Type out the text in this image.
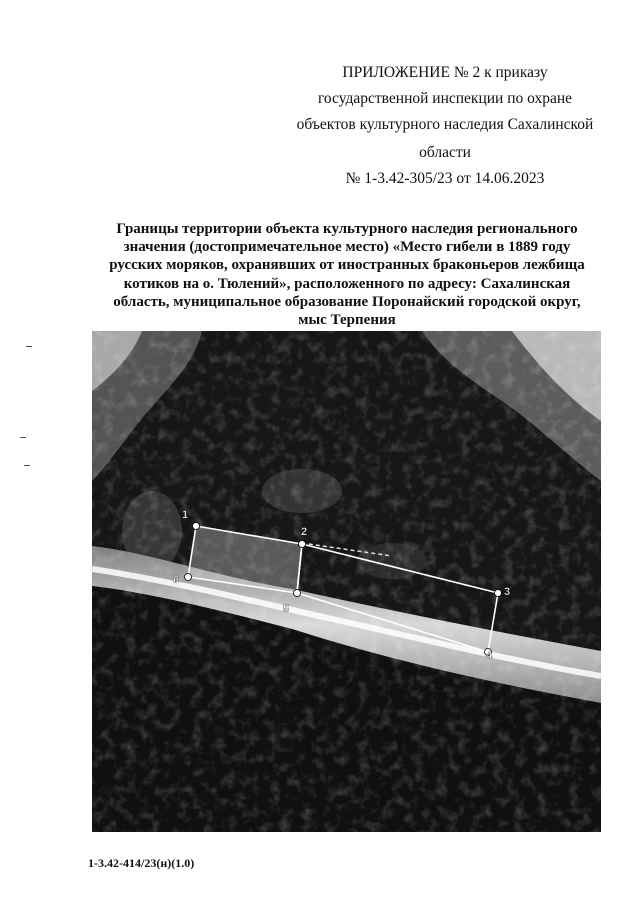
ПРИЛОЖЕНИЕ № 2 к приказу
государственной инспекции по охране
объектов культурного наследия Сахалинской
области
№ 1-3.42-305/23 от 14.06.2023
Границы территории объекта культурного наследия регионального
значения (достопримечательное место) «Место гибели в 1889 году
русских моряков, охранявших от иностранных браконьеров лежбища
котиков на о. Тюлений», расположенного по адресу: Сахалинская
область, муниципальное образование Поронайский городской округ,
мыс Терпения
1
2
3
4
5
6
1-3.42-414/23(н)(1.0)
